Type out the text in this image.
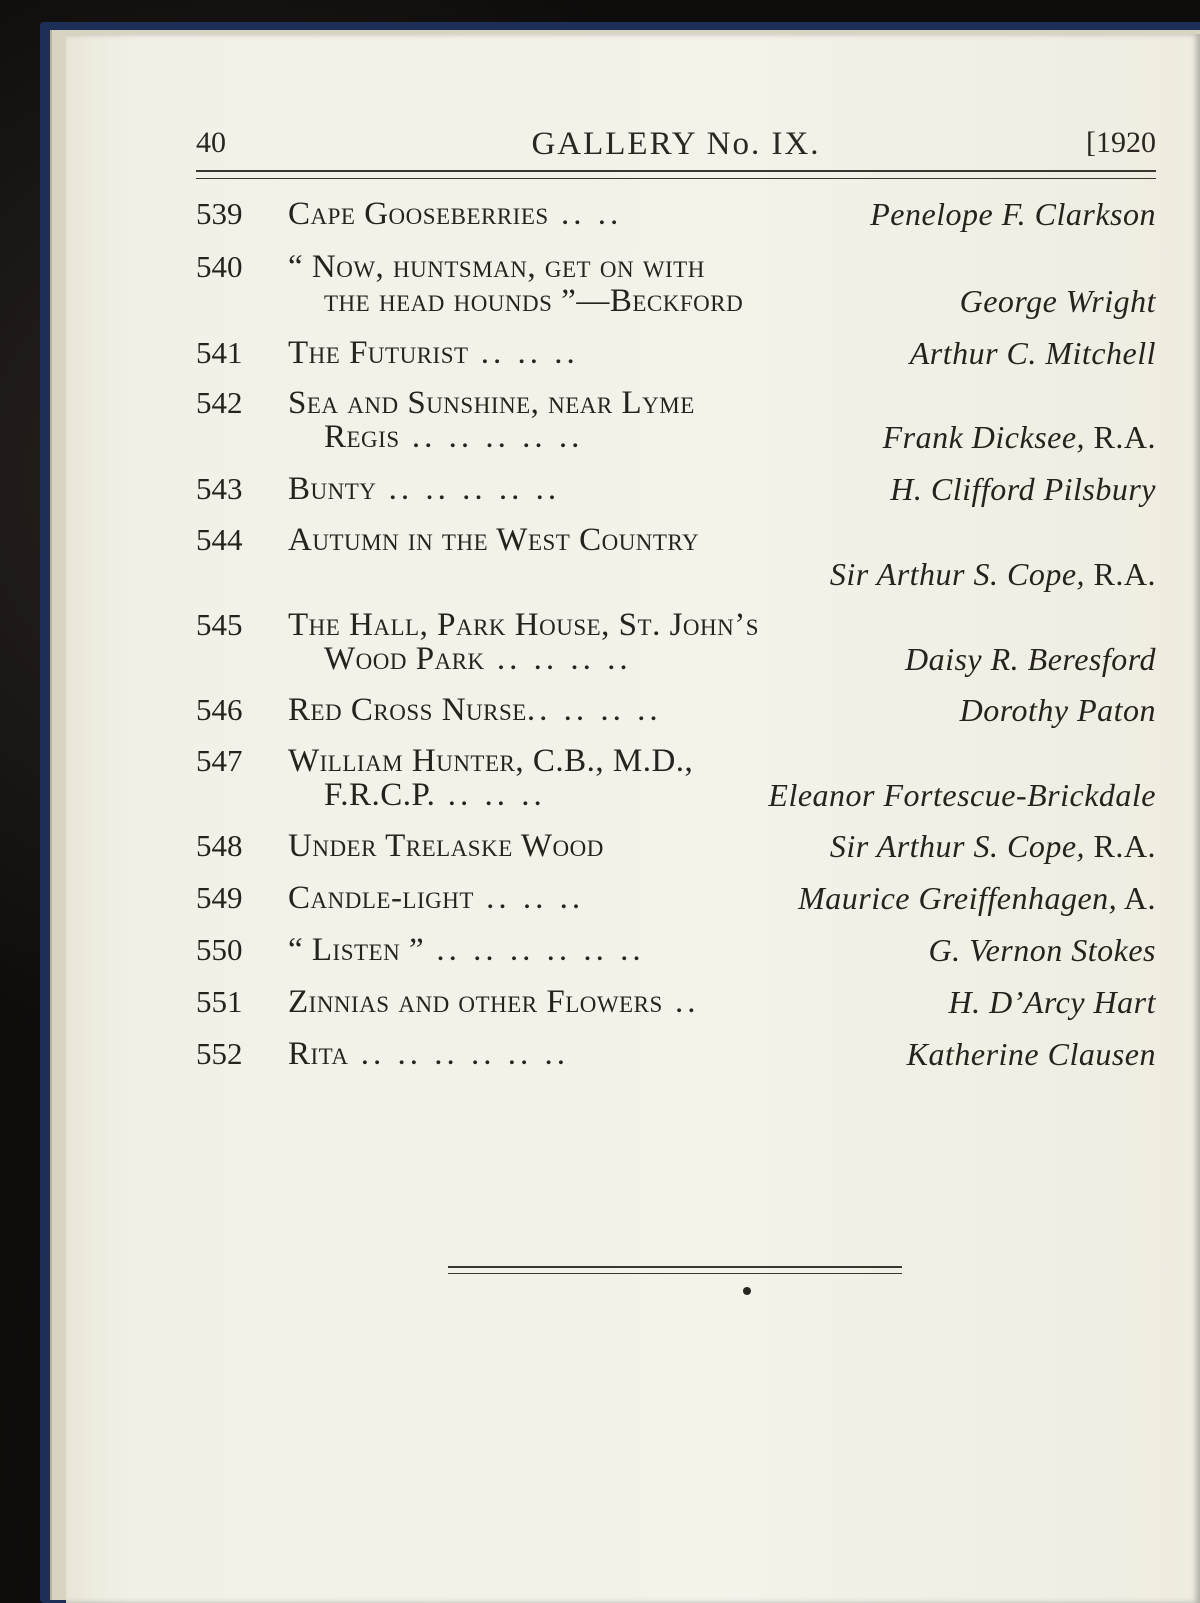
40	GALLERY No. IX.	[1920
539 Cape Gooseberries .. ..	Penelope F. Clarkson
540 “ Now, huntsman, get on with
the head hounds ”—Beckford	George Wright
541 The Futurist .. .. ..	Arthur C. Mitchell
542 Sea and Sunshine, near Lyme
Regis .. .. .. .. ..	Frank Dicksee, R.A.
543 Bunty .. .. .. .. ..	H. Clifford Pilsbury
544 Autumn in the West Country
Sir Arthur S. Cope, R.A.
545 The Hall, Park House, St. John’s
Wood Park .. .. .. ..	Daisy R. Beresford
546 Red Cross Nurse.. .. .. ..	Dorothy Paton
547 William Hunter, C.B., M.D.,
F.R.C.P. .. .. ..	Eleanor Fortescue-Brickdale
548 Under Trelaske Wood	Sir Arthur S. Cope, R.A.
549 Candle-light .. .. ..	Maurice Greiffenhagen, A.
550 “ Listen ” .. .. .. .. .. ..	G. Vernon Stokes
551 Zinnias and other Flowers ..	H. D’Arcy Hart
552 Rita .. .. .. .. .. ..	Katherine Clausen
